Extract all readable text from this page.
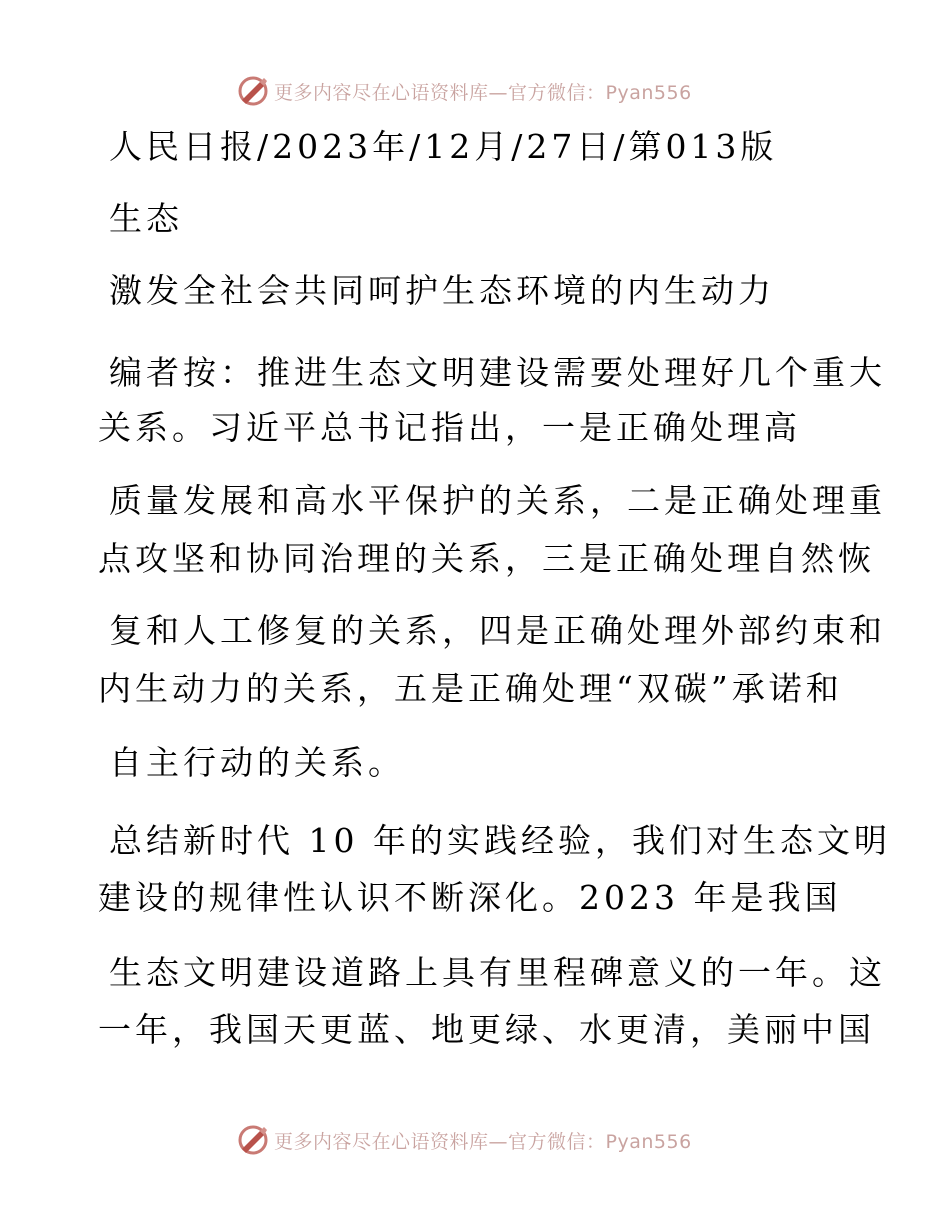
更多内容尽在心语资料库—官方微信：Pyan556
人民日报/2023年/12月/27日/第013版
生态
激发全社会共同呵护生态环境的内生动力
编者按：推进生态文明建设需要处理好几个重大
关系。习近平总书记指出，一是正确处理高
质量发展和高水平保护的关系，二是正确处理重
点攻坚和协同治理的关系，三是正确处理自然恢
复和人工修复的关系，四是正确处理外部约束和
内生动力的关系，五是正确处理“双碳”承诺和
自主行动的关系。
总结新时代 10 年的实践经验，我们对生态文明
建设的规律性认识不断深化。2023 年是我国
生态文明建设道路上具有里程碑意义的一年。这
一年，我国天更蓝、地更绿、水更清，美丽中国
更多内容尽在心语资料库—官方微信：Pyan556
